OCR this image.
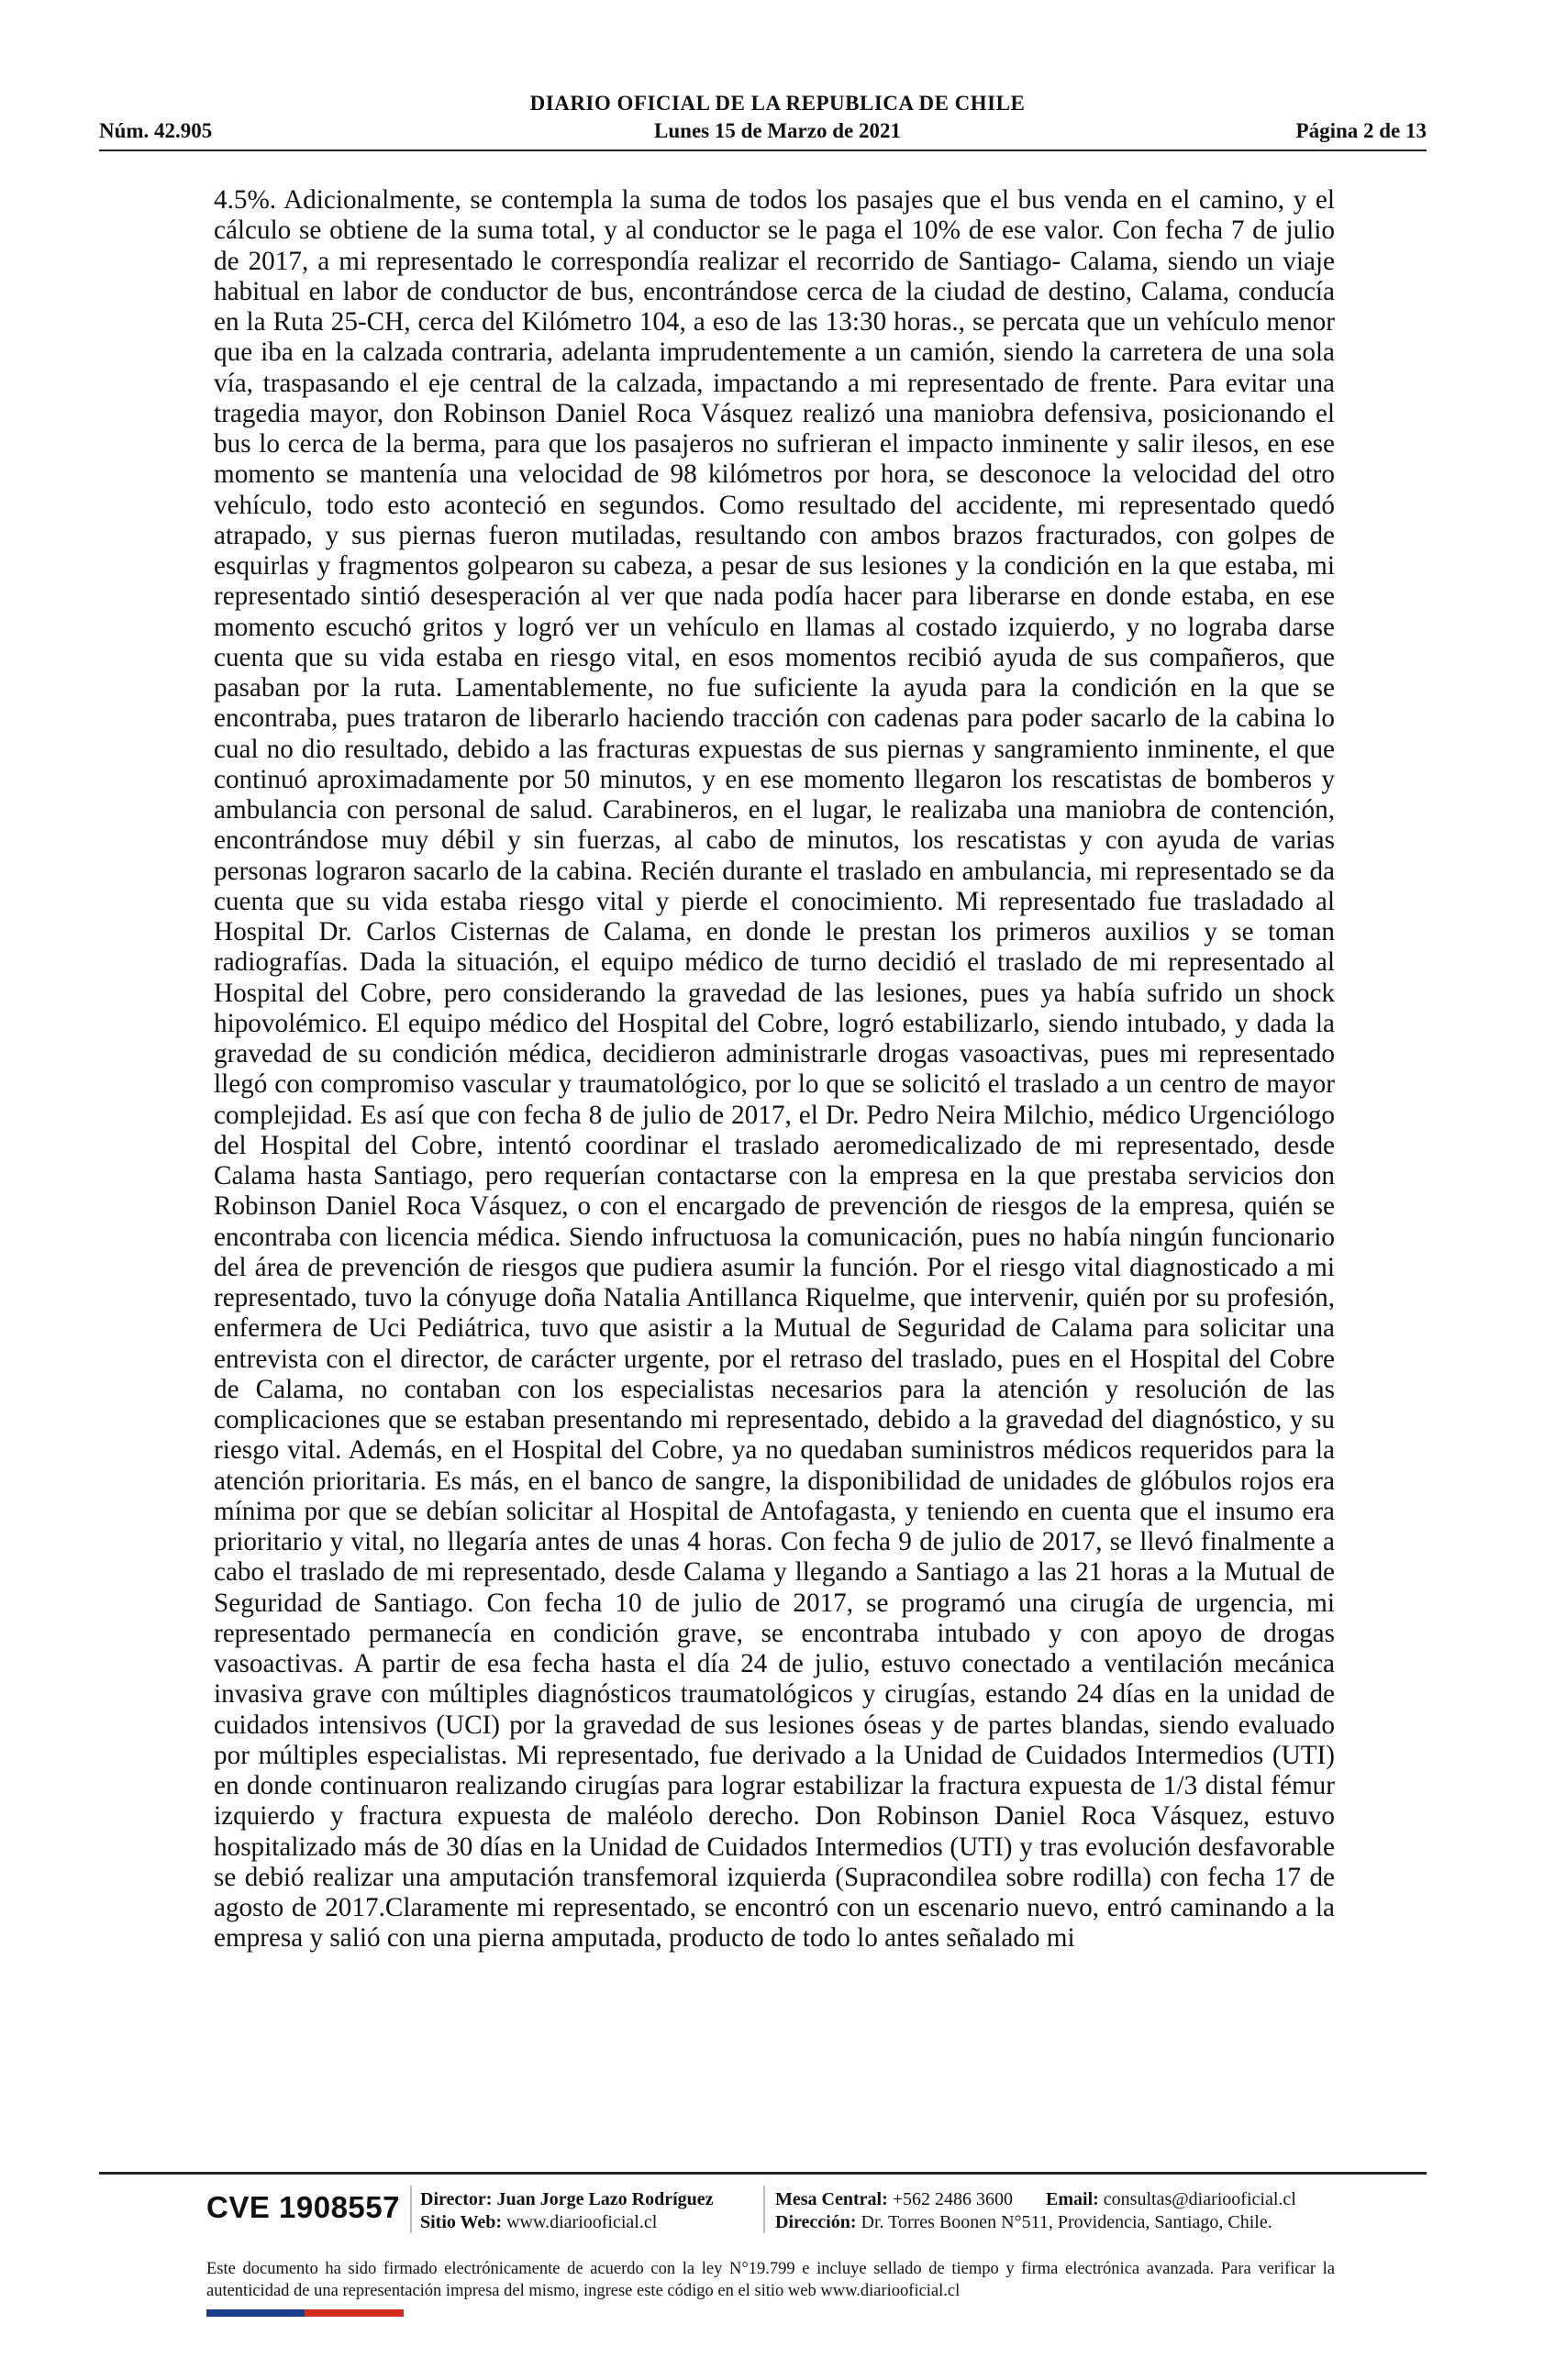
DIARIO OFICIAL DE LA REPUBLICA DE CHILE
Núm. 42.905	Lunes 15 de Marzo de 2021	Página 2 de 13
4.5%. Adicionalmente, se contempla la suma de todos los pasajes que el bus venda en el camino, y el cálculo se obtiene de la suma total, y al conductor se le paga el 10% de ese valor. Con fecha 7 de julio de 2017, a mi representado le correspondía realizar el recorrido de Santiago- Calama, siendo un viaje habitual en labor de conductor de bus, encontrándose cerca de la ciudad de destino, Calama, conducía en la Ruta 25-CH, cerca del Kilómetro 104, a eso de las 13:30 horas., se percata que un vehículo menor que iba en la calzada contraria, adelanta imprudentemente a un camión, siendo la carretera de una sola vía, traspasando el eje central de la calzada, impactando a mi representado de frente. Para evitar una tragedia mayor, don Robinson Daniel Roca Vásquez realizó una maniobra defensiva, posicionando el bus lo cerca de la berma, para que los pasajeros no sufrieran el impacto inminente y salir ilesos, en ese momento se mantenía una velocidad de 98 kilómetros por hora, se desconoce la velocidad del otro vehículo, todo esto aconteció en segundos. Como resultado del accidente, mi representado quedó atrapado, y sus piernas fueron mutiladas, resultando con ambos brazos fracturados, con golpes de esquirlas y fragmentos golpearon su cabeza, a pesar de sus lesiones y la condición en la que estaba, mi representado sintió desesperación al ver que nada podía hacer para liberarse en donde estaba, en ese momento escuchó gritos y logró ver un vehículo en llamas al costado izquierdo, y no lograba darse cuenta que su vida estaba en riesgo vital, en esos momentos recibió ayuda de sus compañeros, que pasaban por la ruta. Lamentablemente, no fue suficiente la ayuda para la condición en la que se encontraba, pues trataron de liberarlo haciendo tracción con cadenas para poder sacarlo de la cabina lo cual no dio resultado, debido a las fracturas expuestas de sus piernas y sangramiento inminente, el que continuó aproximadamente por 50 minutos, y en ese momento llegaron los rescatistas de bomberos y ambulancia con personal de salud. Carabineros, en el lugar, le realizaba una maniobra de contención, encontrándose muy débil y sin fuerzas, al cabo de minutos, los rescatistas y con ayuda de varias personas lograron sacarlo de la cabina. Recién durante el traslado en ambulancia, mi representado se da cuenta que su vida estaba riesgo vital y pierde el conocimiento. Mi representado fue trasladado al Hospital Dr. Carlos Cisternas de Calama, en donde le prestan los primeros auxilios y se toman radiografías. Dada la situación, el equipo médico de turno decidió el traslado de mi representado al Hospital del Cobre, pero considerando la gravedad de las lesiones, pues ya había sufrido un shock hipovolémico. El equipo médico del Hospital del Cobre, logró estabilizarlo, siendo intubado, y dada la gravedad de su condición médica, decidieron administrarle drogas vasoactivas, pues mi representado llegó con compromiso vascular y traumatológico, por lo que se solicitó el traslado a un centro de mayor complejidad. Es así que con fecha 8 de julio de 2017, el Dr. Pedro Neira Milchio, médico Urgenciólogo del Hospital del Cobre, intentó coordinar el traslado aeromedicalizado de mi representado, desde Calama hasta Santiago, pero requerían contactarse con la empresa en la que prestaba servicios don Robinson Daniel Roca Vásquez, o con el encargado de prevención de riesgos de la empresa, quién se encontraba con licencia médica. Siendo infructuosa la comunicación, pues no había ningún funcionario del área de prevención de riesgos que pudiera asumir la función. Por el riesgo vital diagnosticado a mi representado, tuvo la cónyuge doña Natalia Antillanca Riquelme, que intervenir, quién por su profesión, enfermera de Uci Pediátrica, tuvo que asistir a la Mutual de Seguridad de Calama para solicitar una entrevista con el director, de carácter urgente, por el retraso del traslado, pues en el Hospital del Cobre de Calama, no contaban con los especialistas necesarios para la atención y resolución de las complicaciones que se estaban presentando mi representado, debido a la gravedad del diagnóstico, y su riesgo vital. Además, en el Hospital del Cobre, ya no quedaban suministros médicos requeridos para la atención prioritaria. Es más, en el banco de sangre, la disponibilidad de unidades de glóbulos rojos era mínima por que se debían solicitar al Hospital de Antofagasta, y teniendo en cuenta que el insumo era prioritario y vital, no llegaría antes de unas 4 horas. Con fecha 9 de julio de 2017, se llevó finalmente a cabo el traslado de mi representado, desde Calama y llegando a Santiago a las 21 horas a la Mutual de Seguridad de Santiago. Con fecha 10 de julio de 2017, se programó una cirugía de urgencia, mi representado permanecía en condición grave, se encontraba intubado y con apoyo de drogas vasoactivas. A partir de esa fecha hasta el día 24 de julio, estuvo conectado a ventilación mecánica invasiva grave con múltiples diagnósticos traumatológicos y cirugías, estando 24 días en la unidad de cuidados intensivos (UCI) por la gravedad de sus lesiones óseas y de partes blandas, siendo evaluado por múltiples especialistas. Mi representado, fue derivado a la Unidad de Cuidados Intermedios (UTI) en donde continuaron realizando cirugías para lograr estabilizar la fractura expuesta de 1/3 distal fémur izquierdo y fractura expuesta de maléolo derecho. Don Robinson Daniel Roca Vásquez, estuvo hospitalizado más de 30 días en la Unidad de Cuidados Intermedios (UTI) y tras evolución desfavorable se debió realizar una amputación transfemoral izquierda (Supracondilea sobre rodilla) con fecha 17 de agosto de 2017.Claramente mi representado, se encontró con un escenario nuevo, entró caminando a la empresa y salió con una pierna amputada, producto de todo lo antes señalado mi
CVE 1908557 Director: Juan Jorge Lazo Rodríguez
Sitio Web: www.diariooficial.cl
Mesa Central: +562 2486 3600 Email: consultas@diariooficial.cl
Dirección: Dr. Torres Boonen N°511, Providencia, Santiago, Chile.
Este documento ha sido firmado electrónicamente de acuerdo con la ley N°19.799 e incluye sellado de tiempo y firma electrónica avanzada. Para verificar la autenticidad de una representación impresa del mismo, ingrese este código en el sitio web www.diariooficial.cl
